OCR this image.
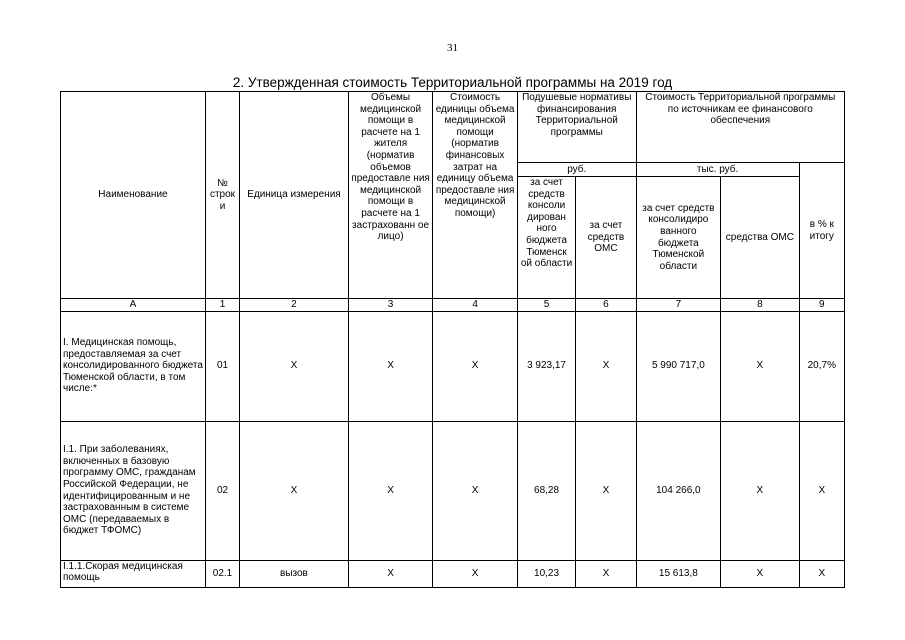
31
2. Утвержденная стоимость Территориальной программы на 2019 год
Наименование	№ строк и	Единица измерения	Объемы медицинской помощи в расчете на 1 жителя (норматив объемов предоставле ния медицинской помощи в расчете на 1 застрахованн ое лицо)	Стоимость единицы объема медицинской помощи (норматив финансовых затрат на единицу объема предоставле ния медицинской помощи)	Подушевые нормативы финансирования Территориальной программы		Стоимость Территориальной программы по источникам ее финансового обеспечения		
					руб.		тыс. руб.		в % к итогу
					за счет средств консоли дирован ного бюджета Тюменск ой области	за счет средств ОМС	за счет средств консолидиро ванного бюджета Тюменской области	средства ОМС	
А	1	2	3	4	5	6	7	8	9
I. Медицинская помощь, предоставляемая за счет консолидированного бюджета Тюменской области, в том числе:*	01	Х	Х	Х	3 923,17	Х	5 990 717,0	Х	20,7%
I.1. При заболеваниях, включенных в базовую программу ОМС, гражданам Российской Федерации, не идентифицированным и не застрахованным в системе ОМС (передаваемых в бюджет ТФОМС)	02	Х	Х	Х	68,28	Х	104 266,0	Х	Х
I.1.1.Скорая медицинская помощь	02.1	вызов	Х	Х	10,23	Х	15 613,8	Х	Х
